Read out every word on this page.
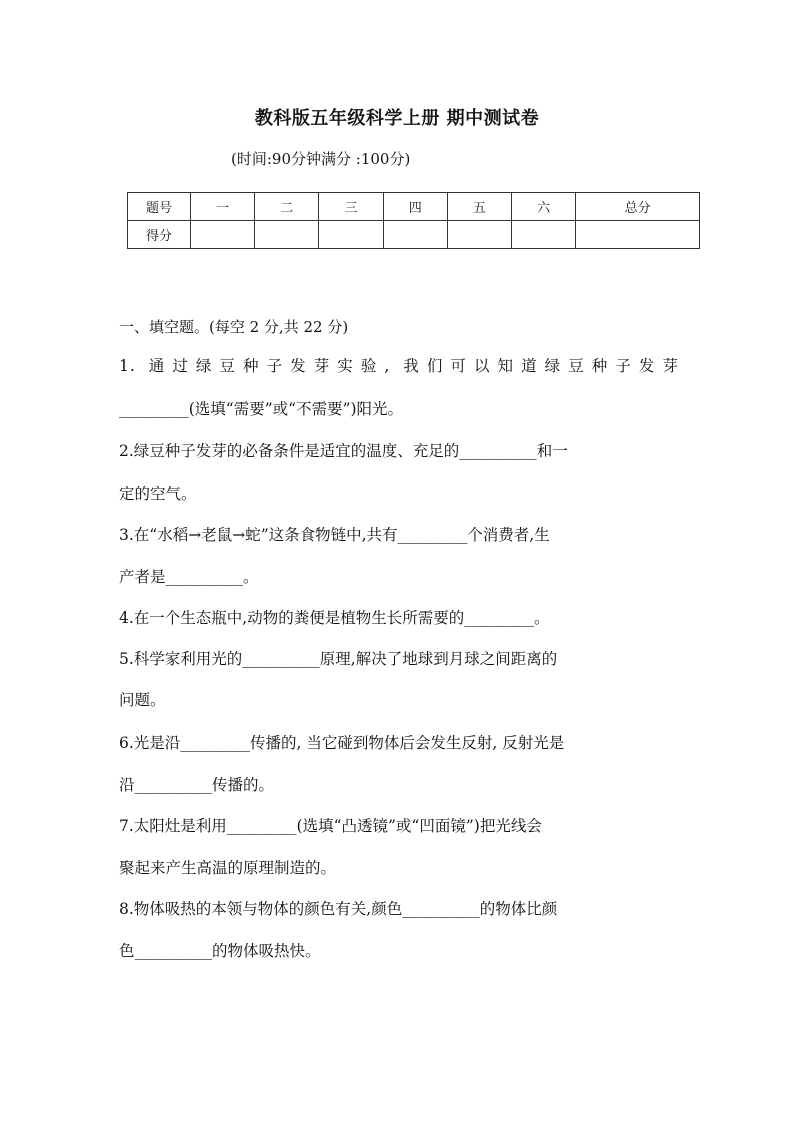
教科版五年级科学上册 期中测试卷
(时间:90分钟满分 :100分)
题号	一	二	三	四	五	六	总分
得分							
一、填空题。(每空 2 分,共 22 分)
1. 通过绿豆种子发芽实验, 我们可以知道绿豆种子发芽
_________(选填“需要”或“不需要”)阳光。
2.绿豆种子发芽的必备条件是适宜的温度、充足的__________和一
定的空气。
3.在“水稻→老鼠→蛇”这条食物链中,共有_________个消费者,生
产者是__________。
4.在一个生态瓶中,动物的粪便是植物生长所需要的_________。
5.科学家利用光的__________原理,解决了地球到月球之间距离的
问题。
6.光是沿_________传播的, 当它碰到物体后会发生反射, 反射光是
沿__________传播的。
7.太阳灶是利用_________(选填“凸透镜”或“凹面镜”)把光线会
聚起来产生高温的原理制造的。
8.物体吸热的本领与物体的颜色有关,颜色__________的物体比颜
色__________的物体吸热快。
